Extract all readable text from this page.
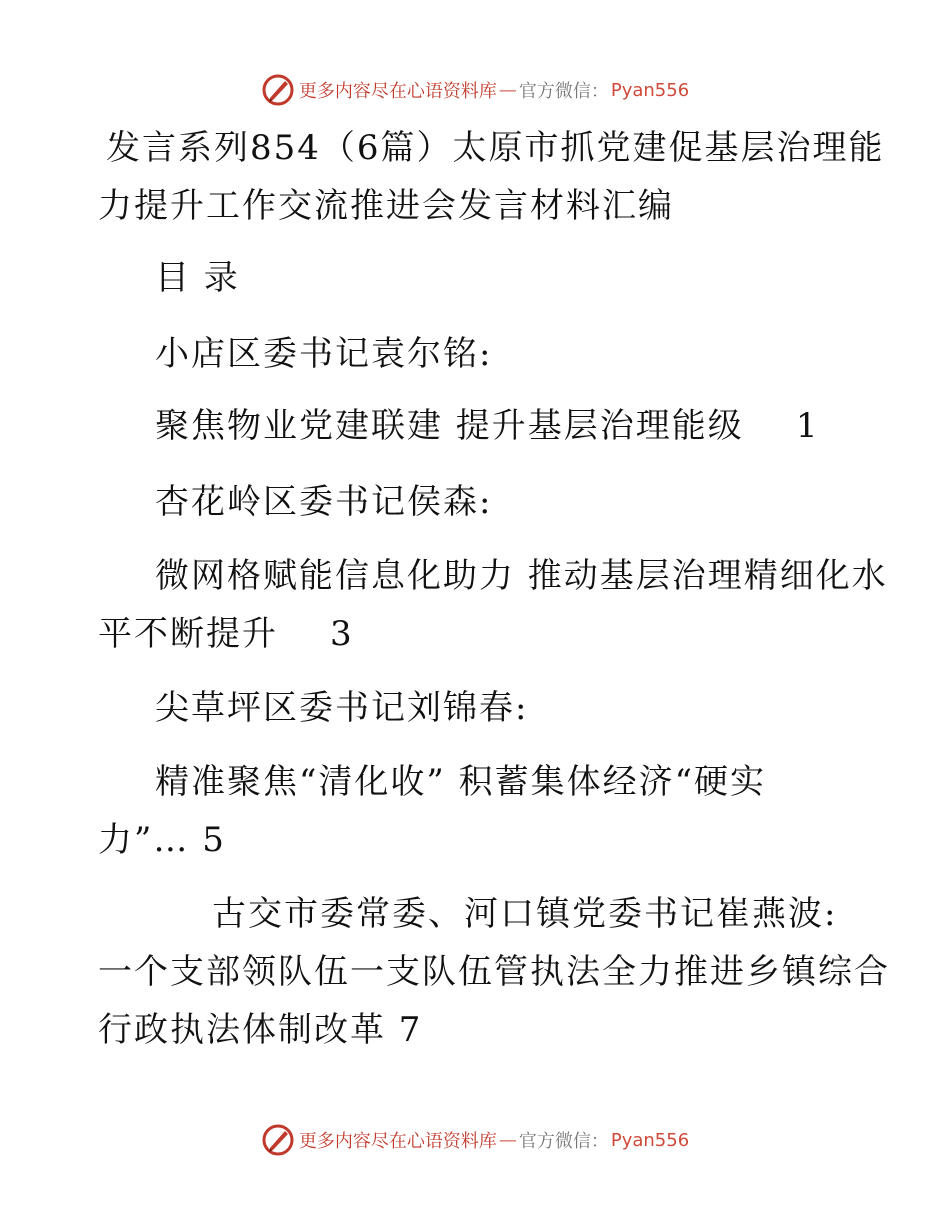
更多内容尽在心语资料库 — 官方微信： Pyan556
发言系列854（6篇）太原市抓党建促基层治理能
力提升工作交流推进会发言材料汇编
目 录
小店区委书记袁尔铭:
聚焦物业党建联建 提升基层治理能级 1
杏花岭区委书记侯森:
微网格赋能信息化助力 推动基层治理精细化水
平不断提升 3
尖草坪区委书记刘锦春:
精准聚焦“清化收” 积蓄集体经济“硬实
力”… 5
古交市委常委、河口镇党委书记崔燕波:
一个支部领队伍一支队伍管执法全力推进乡镇综合
行政执法体制改革 7
更多内容尽在心语资料库 — 官方微信： Pyan556
